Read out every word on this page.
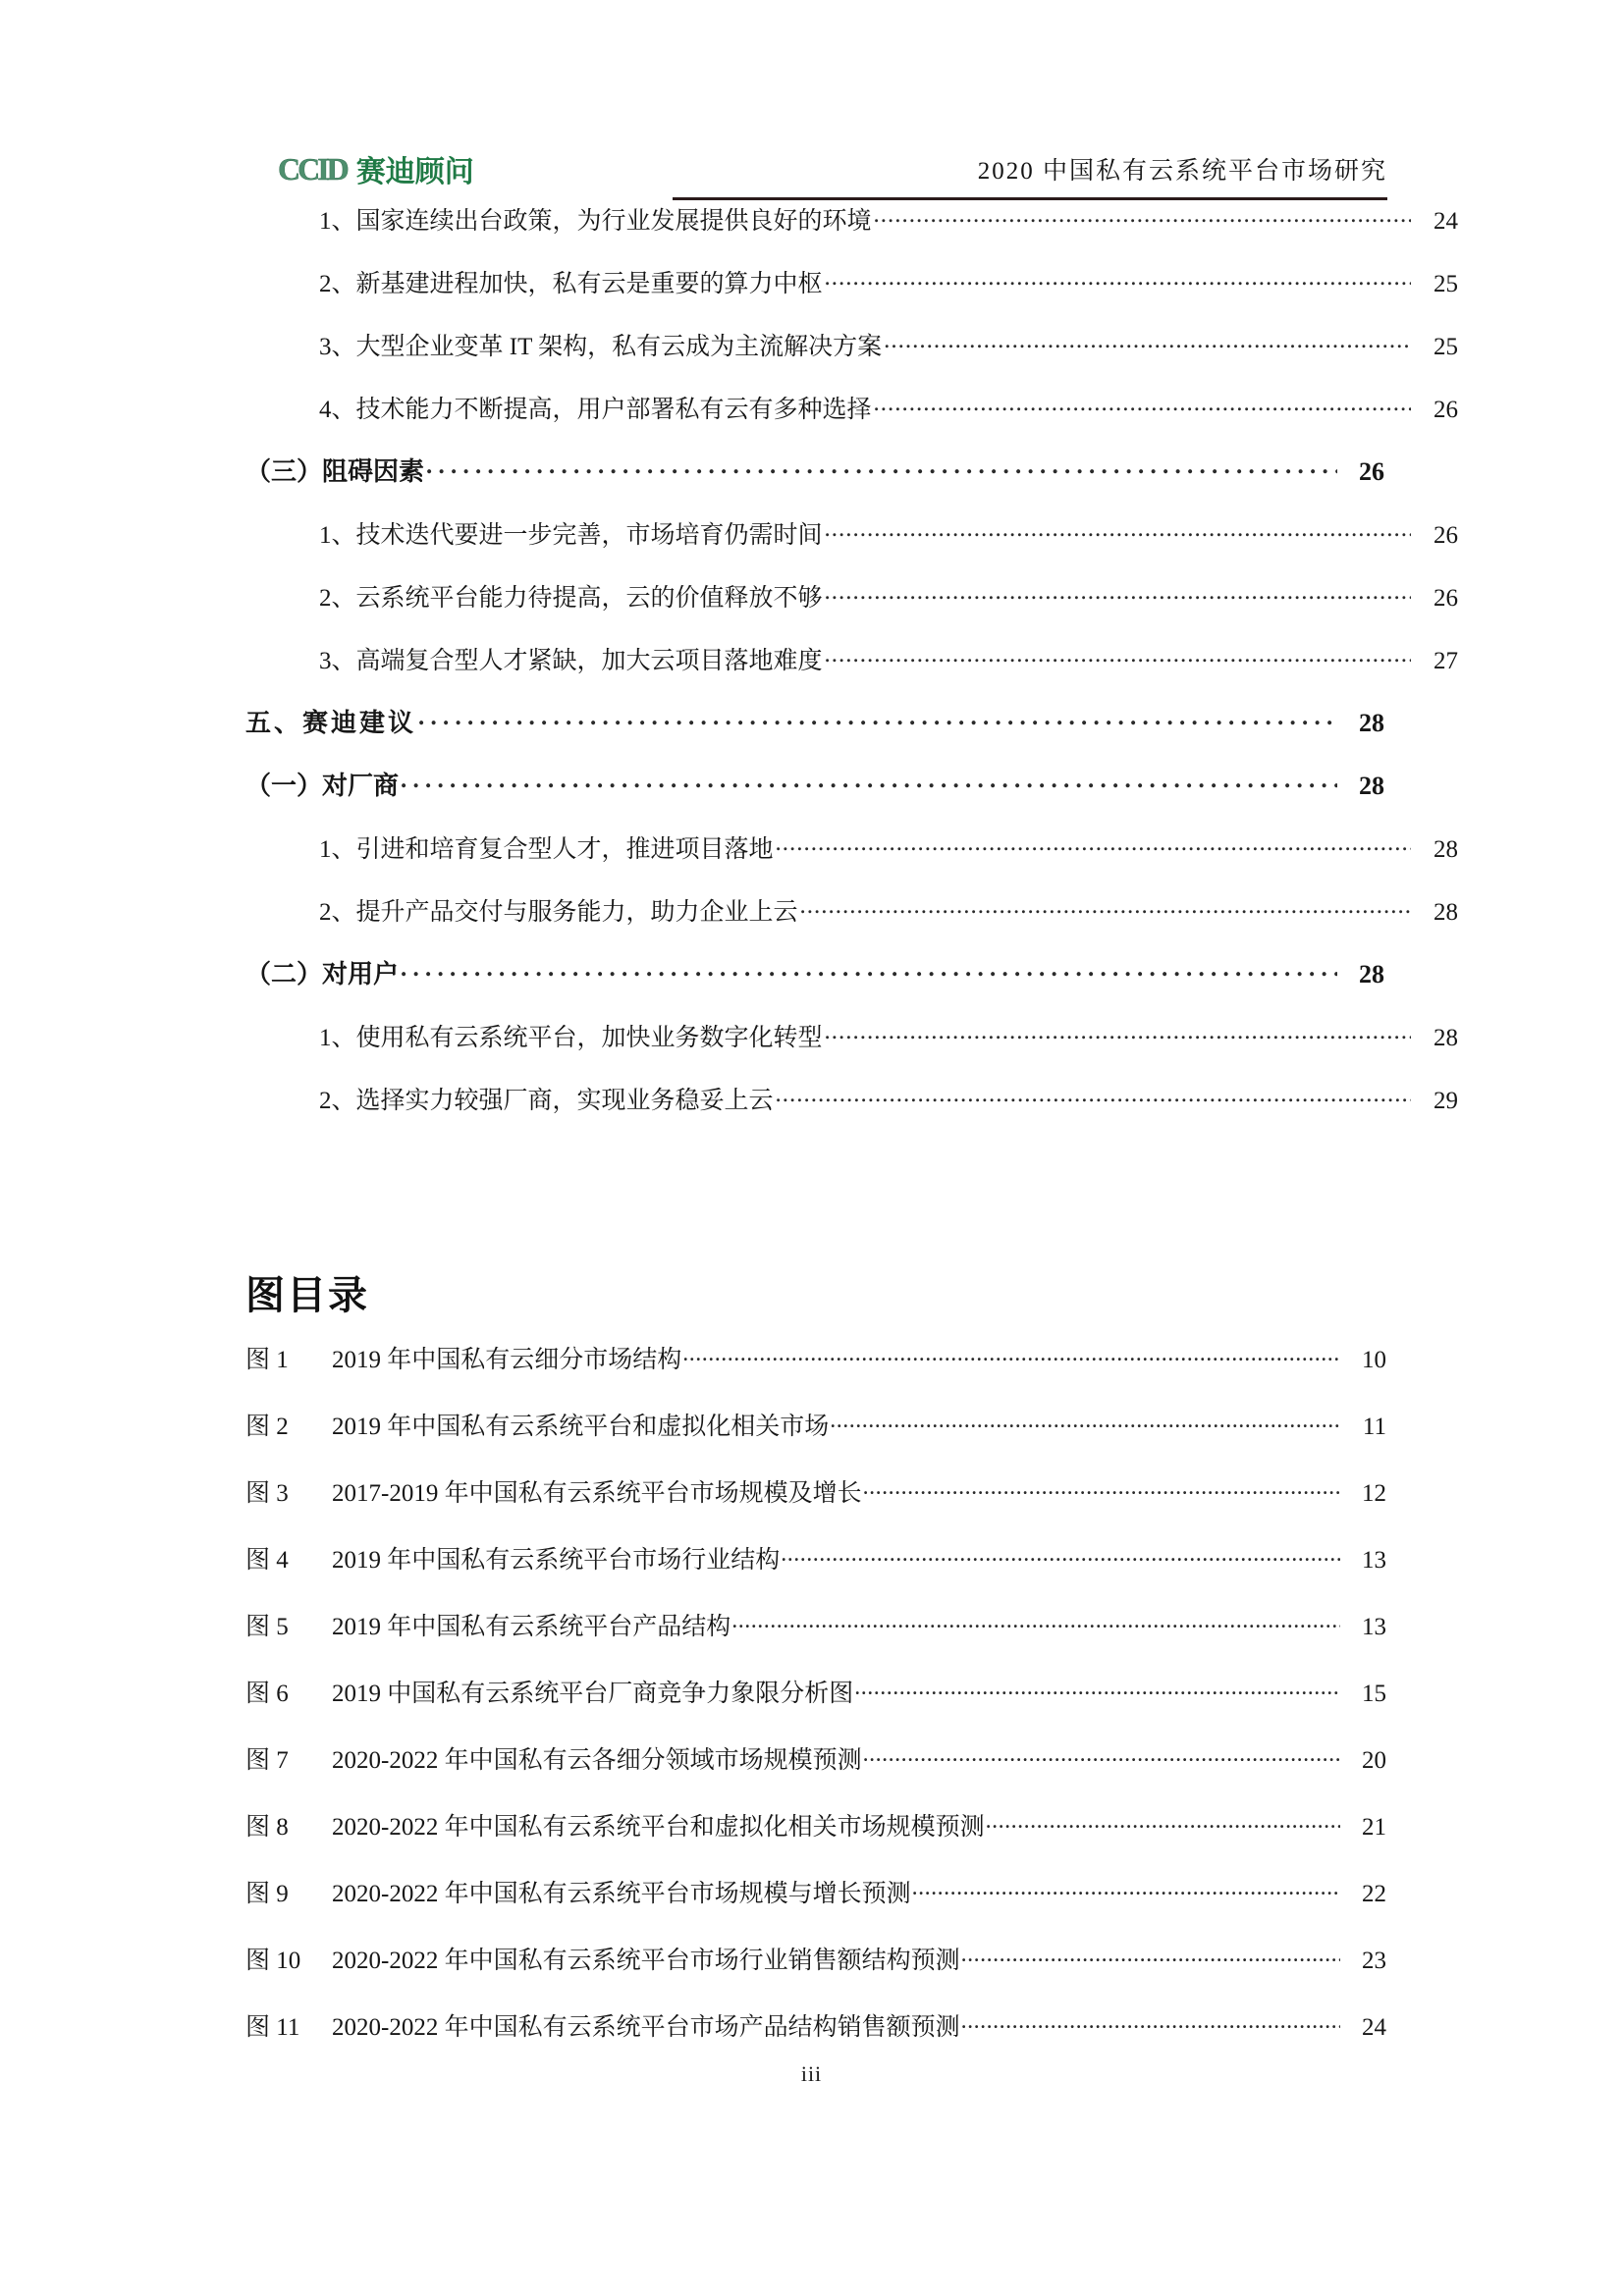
CCID 赛迪顾问	2020 中国私有云系统平台市场研究
1、国家连续出台政策，为行业发展提供良好的环境 .....	24
2、新基建进程加快，私有云是重要的算力中枢 .....	25
3、大型企业变革 IT 架构，私有云成为主流解决方案 .....	25
4、技术能力不断提高，用户部署私有云有多种选择 .....	26
（三）阻碍因素 . . .	26
1、技术迭代要进一步完善，市场培育仍需时间 .....	26
2、云系统平台能力待提高，云的价值释放不够 .....	26
3、高端复合型人才紧缺，加大云项目落地难度 .....	27
五、赛迪建议 . . .	28
（一）对厂商 . . .	28
1、引进和培育复合型人才，推进项目落地 .....	28
2、提升产品交付与服务能力，助力企业上云 .....	28
（二）对用户 . . .	28
1、使用私有云系统平台，加快业务数字化转型 .....	28
2、选择实力较强厂商，实现业务稳妥上云 .....	29
图目录
图 1	2019 年中国私有云细分市场结构 .....	10
图 2	2019 年中国私有云系统平台和虚拟化相关市场 .....	11
图 3	2017-2019 年中国私有云系统平台市场规模及增长 .....	12
图 4	2019 年中国私有云系统平台市场行业结构 .....	13
图 5	2019 年中国私有云系统平台产品结构 .....	13
图 6	2019 中国私有云系统平台厂商竞争力象限分析图 .....	15
图 7	2020-2022 年中国私有云各细分领域市场规模预测 .....	20
图 8	2020-2022 年中国私有云系统平台和虚拟化相关市场规模预测 .....	21
图 9	2020-2022 年中国私有云系统平台市场规模与增长预测 .....	22
图 10	2020-2022 年中国私有云系统平台市场行业销售额结构预测 .....	23
图 11	2020-2022 年中国私有云系统平台市场产品结构销售额预测 .....	24
iii
